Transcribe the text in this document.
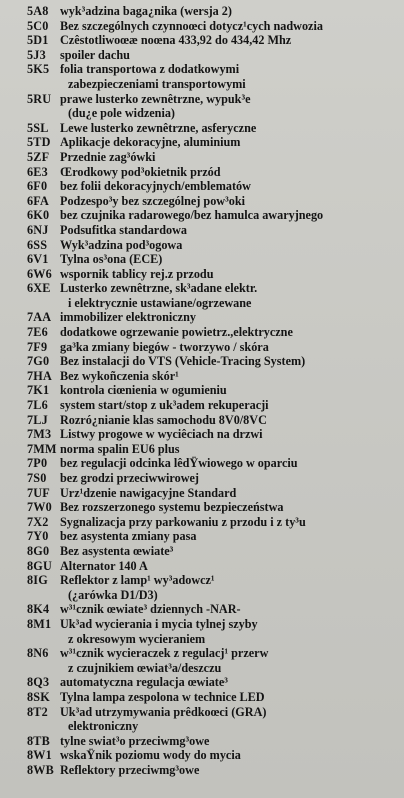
5A8 wyk³adzina baga¿nika (wersja 2)
5C0 Bez szczególnych czynnoœci dotycz¹cych nadwozia
5D1 Czêstotliwoœæ noœna 433,92 do 434,42 Mhz
5J3	spoiler dachu
5K5 folia transportowa z dodatkowymi
zabezpieczeniami transportowymi
5RU prawe lusterko zewnêtrzne, wypuk³e
(du¿e pole widzenia)
5SL Lewe lusterko zewnêtrzne, asferyczne
5TD Aplikacje dekoracyjne, aluminium
5ZF Przednie zag³ówki
6E3 Œrodkowy pod³okietnik przód
6F0	bez folii dekoracyjnych/emblematów
6FA Podzespo³y bez szczególnej pow³oki
6K0 bez czujnika radarowego/bez hamulca awaryjnego
6NJ Podsufitka standardowa
6SS	Wyk³adzina pod³ogowa
6V1 Tylna os³ona (ECE)
6W6 wspornik tablicy rej.z przodu
6XE Lusterko zewnêtrzne, sk³adane elektr.
i elektrycznie ustawiane/ogrzewane
7AA immobilizer elektroniczny
7E6 dodatkowe ogrzewanie powietrz.,elektryczne
7F9	ga³ka zmiany biegów - tworzywo / skóra
7G0 Bez instalacji do VTS (Vehicle-Tracing System)
7HA Bez wykoñczenia skór¹
7K1 kontrola ciœnienia w ogumieniu
7L6 system start/stop z uk³adem rekuperacji
7LJ Rozró¿nianie klas samochodu 8V0/8VC
7M3 Listwy progowe w wyciêciach na drzwi
7MM norma spalin EU6 plus
7P0	bez regulacji odcinka lêdŸwiowego w oparciu
7S0	bez grodzi przeciwwirowej
7UF Urz¹dzenie nawigacyjne Standard
7W0 Bez rozszerzonego systemu bezpieczeństwa
7X2 Sygnalizacja przy parkowaniu z przodu i z ty³u
7Y0 bez asystenta zmiany pasa
8G0 Bez asystenta œwiate³
8GU Alternator 140 A
8IG Reflektor z lamp¹ wy³adowcz¹
(¿arówka D1/D3)
8K4 w³¹cznik œwiate³ dziennych -NAR-
8M1 Uk³ad wycierania i mycia tylnej szyby
z okresowym wycieraniem
8N6 w³¹cznik wycieraczek z regulacj¹ przerw
z czujnikiem œwiat³a/deszczu
8Q3 automatyczna regulacja œwiate³
8SK Tylna lampa zespolona w technice LED
8T2 Uk³ad utrzymywania prêdkoœci (GRA)
elektroniczny
8TB tylne swiat³o przeciwmg³owe
8W1 wskaŸnik poziomu wody do mycia
8WB Reflektory przeciwmg³owe
